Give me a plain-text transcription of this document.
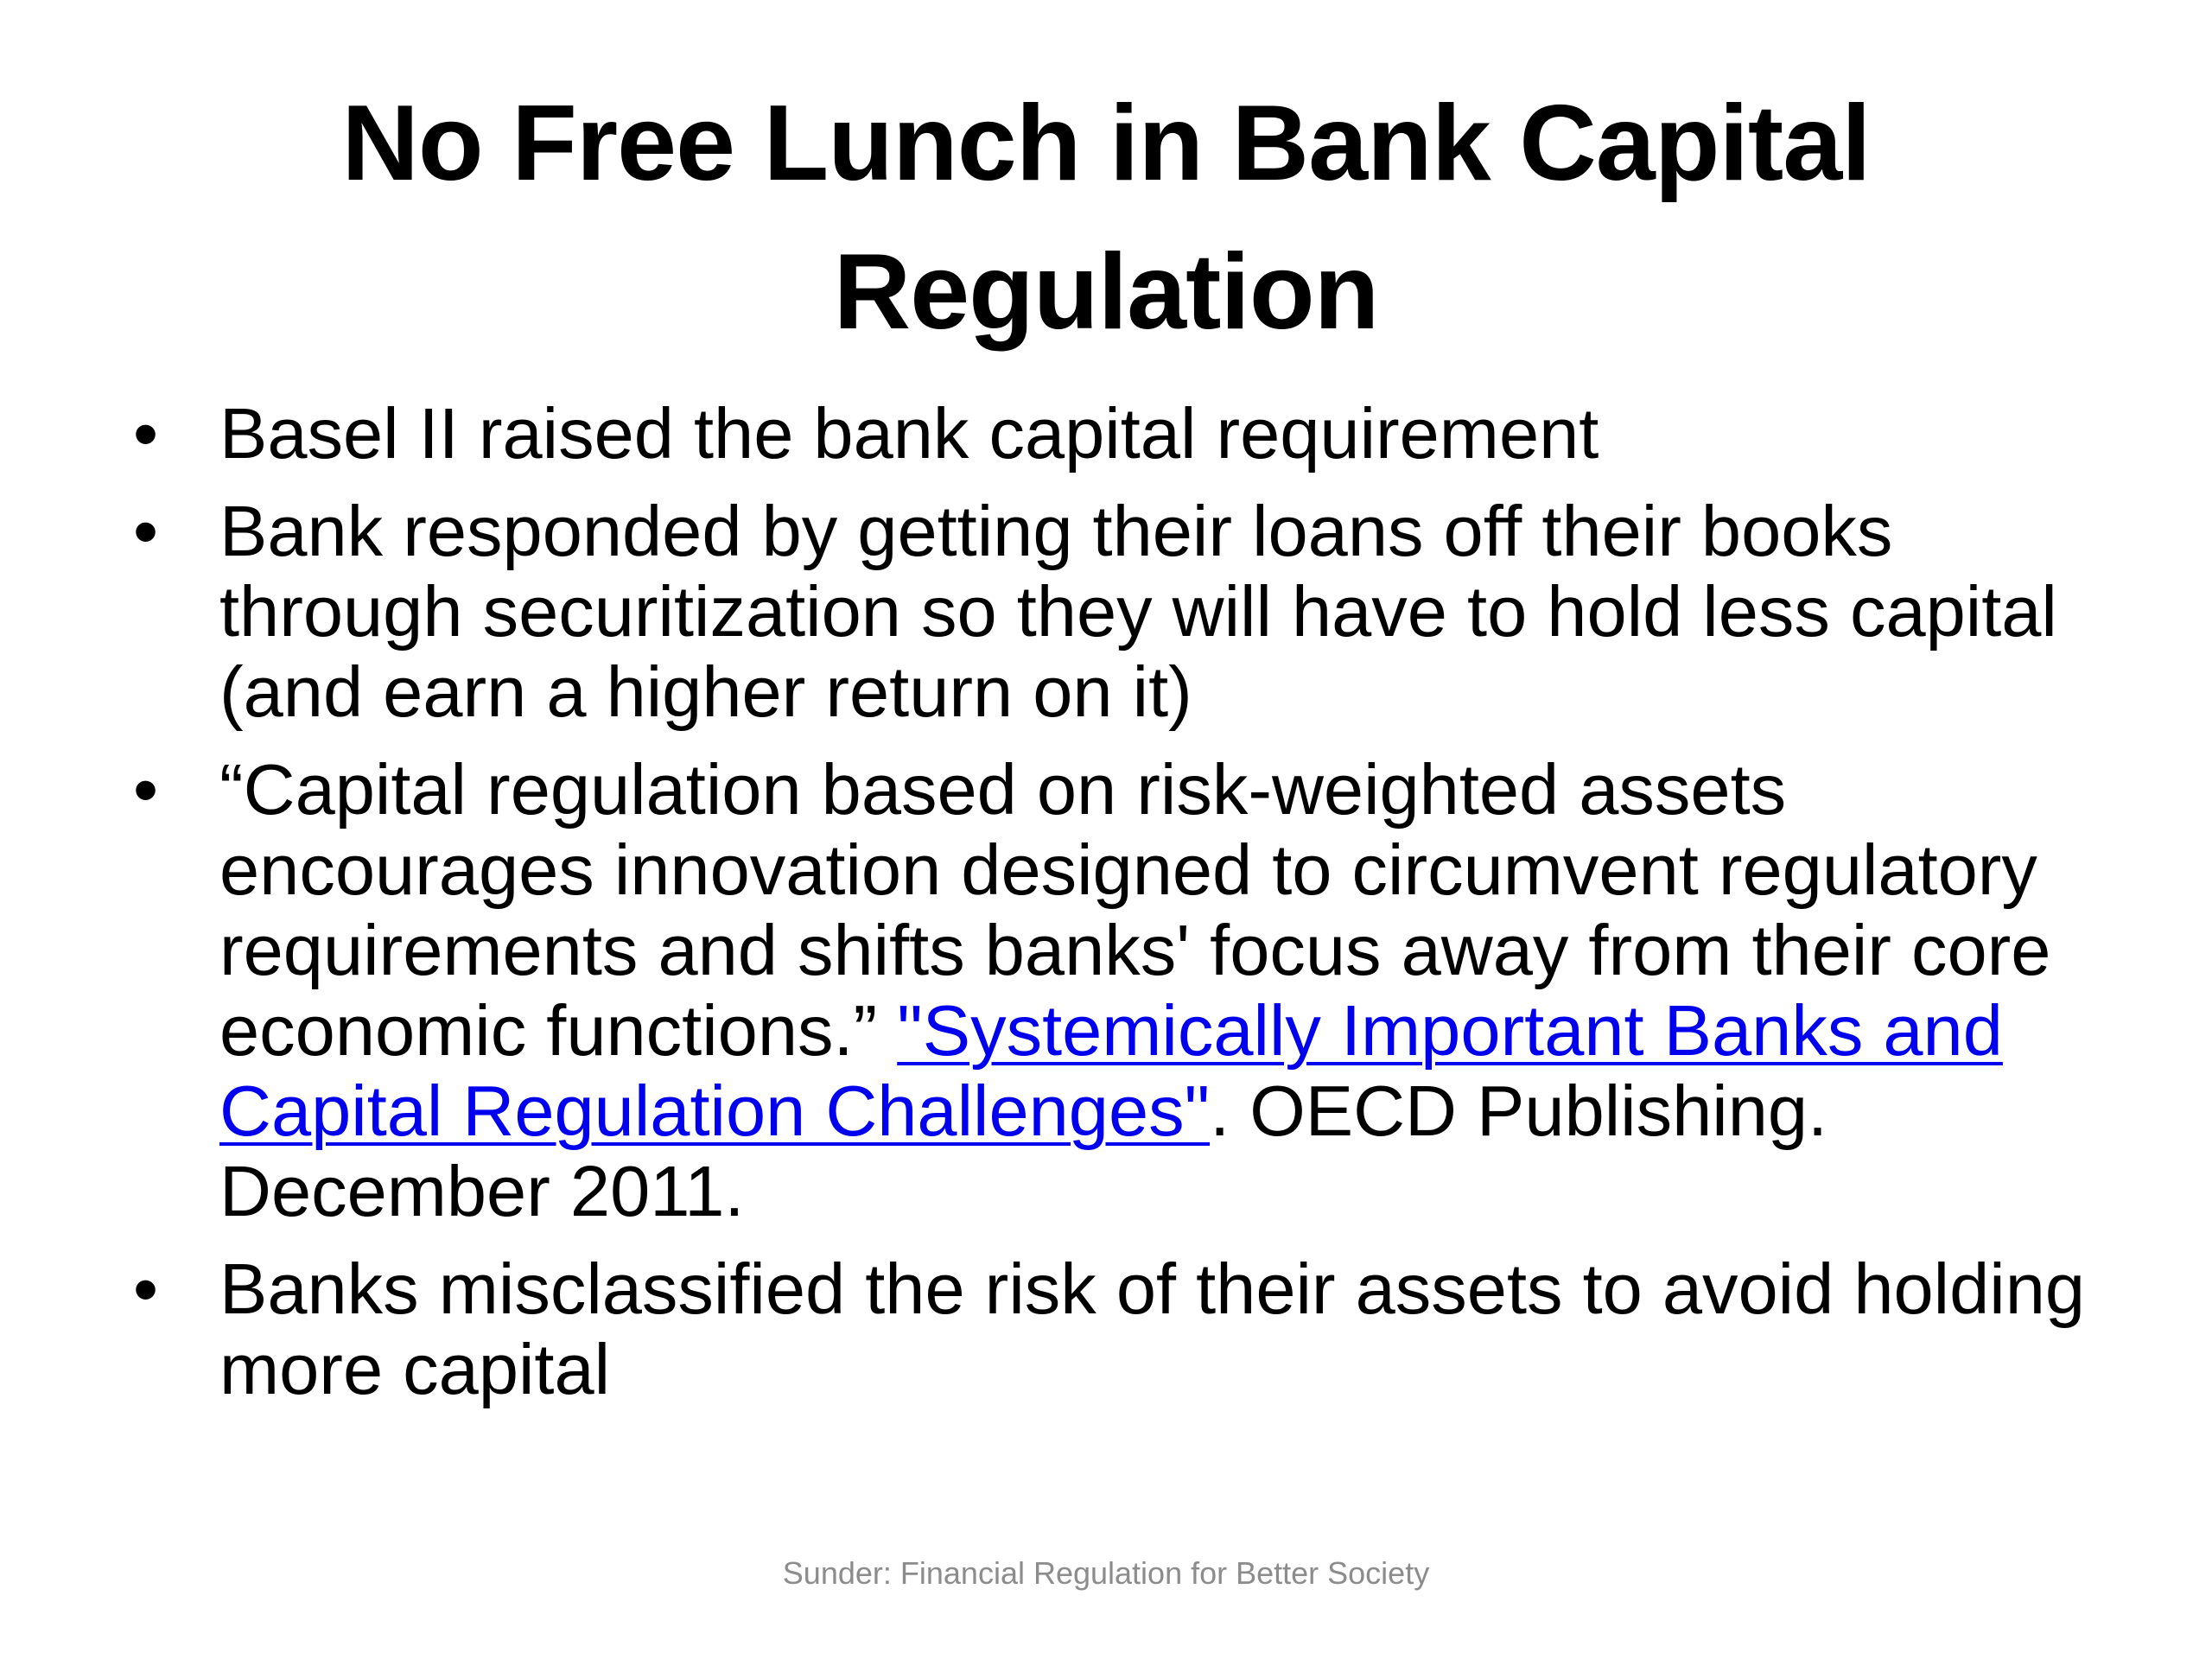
No Free Lunch in Bank Capital Regulation
• Basel II raised the bank capital requirement
• Bank responded by getting their loans off their books through securitization so they will have to hold less capital (and earn a higher return on it)
• “Capital regulation based on risk-weighted assets encourages innovation designed to circumvent regulatory requirements and shifts banks' focus away from their core economic functions.” "Systemically Important Banks and Capital Regulation Challenges". OECD Publishing. December 2011.
• Banks misclassified the risk of their assets to avoid holding more capital
Sunder: Financial Regulation for Better Society
